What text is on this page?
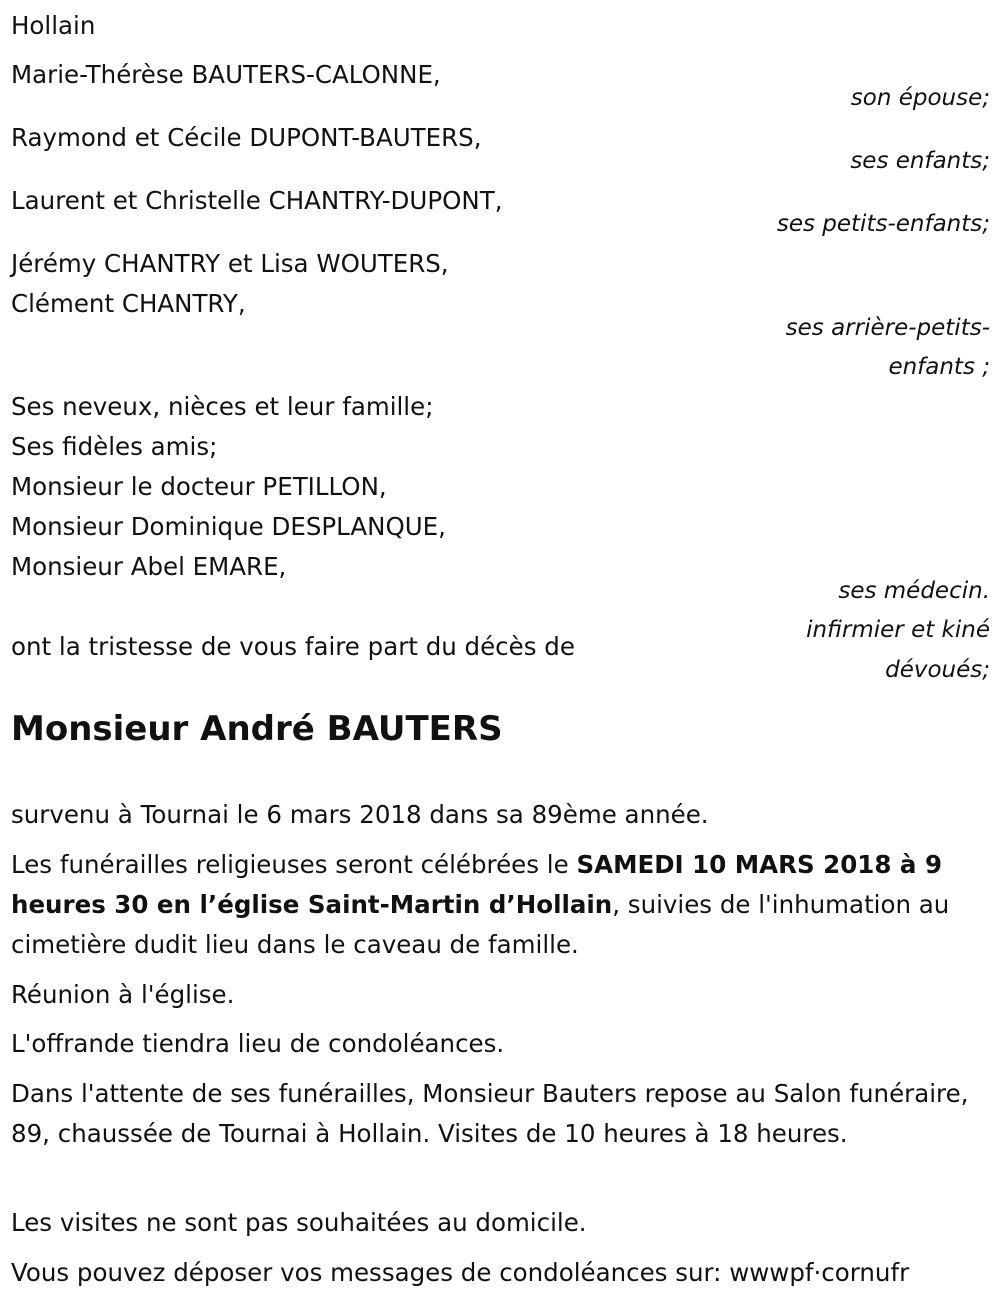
Hollain
Marie-Thérèse BAUTERS-CALONNE,
son épouse;
Raymond et Cécile DUPONT-BAUTERS,
ses enfants;
Laurent et Christelle CHANTRY-DUPONT,
ses petits-enfants;
Jérémy CHANTRY et Lisa WOUTERS,
Clément CHANTRY,
ses arrière-petits-
enfants ;
Ses neveux, nièces et leur famille;
Ses fidèles amis;
Monsieur le docteur PETILLON,
Monsieur Dominique DESPLANQUE,
Monsieur Abel EMARE,
ses médecin.
infirmier et kiné
dévoués;
ont la tristesse de vous faire part du décès de
Monsieur André BAUTERS
survenu à Tournai le 6 mars 2018 dans sa 89ème année.
Les funérailles religieuses seront célébrées le SAMEDI 10 MARS 2018 à 9 heures 30 en l’église Saint-Martin d’Hollain, suivies de l'inhumation au cimetière dudit lieu dans le caveau de famille.
Réunion à l'église.
L'offrande tiendra lieu de condoléances.
Dans l'attente de ses funérailles, Monsieur Bauters repose au Salon funéraire, 89, chaussée de Tournai à Hollain. Visites de 10 heures à 18 heures.
Les visites ne sont pas souhaitées au domicile.
Vous pouvez déposer vos messages de condoléances sur: wwwpf·cornufr
